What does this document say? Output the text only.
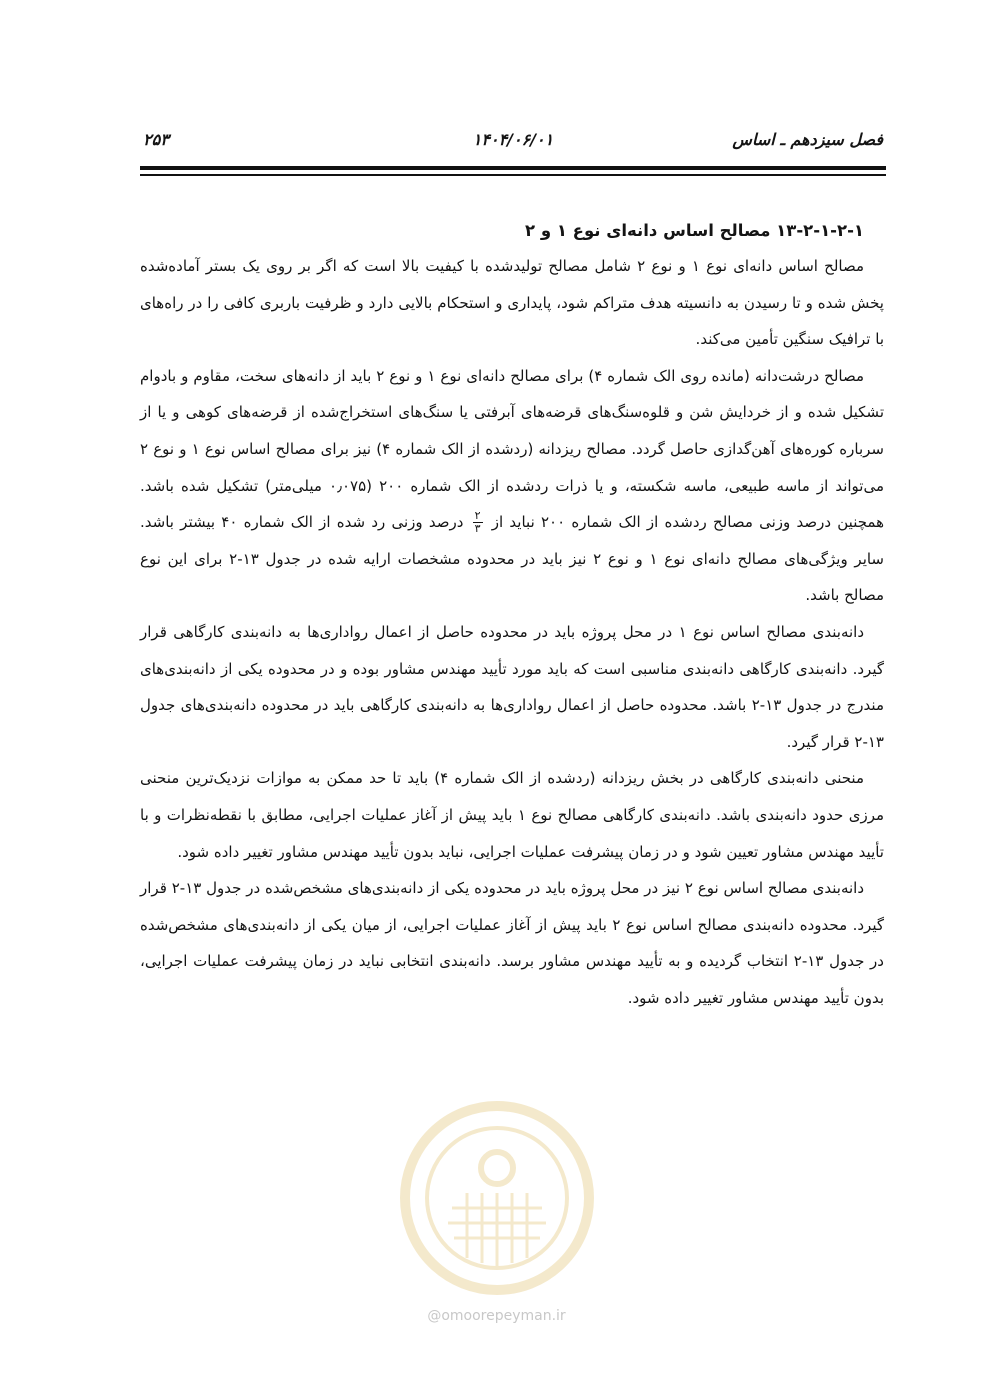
فصل سیزدهم ـ اساس
۱۴۰۴/۰۶/۰۱
۲۵۳

۱۳-۲-۱-۲-۱ مصالح اساس دانه‌ای نوع ۱ و ۲

مصالح اساس دانه‌ای نوع ۱ و نوع ۲ شامل مصالح تولیدشده با کیفیت بالا است که اگر بر روی یک بستر آماده‌شده پخش شده و تا رسیدن به دانسیته هدف متراکم شود، پایداری و استحکام بالایی دارد و ظرفیت باربری کافی را در راه‌های با ترافیک سنگین تأمین می‌کند.

مصالح درشت‌دانه (مانده روی الک شماره ۴) برای مصالح دانه‌ای نوع ۱ و نوع ۲ باید از دانه‌های سخت، مقاوم و بادوام تشکیل شده و از خردایش شن و قلوه‌سنگ‌های قرضه‌های آبرفتی یا سنگ‌های استخراج‌شده از قرضه‌های کوهی و یا از سرباره کوره‌های آهن‌گدازی حاصل گردد. مصالح ریزدانه (ردشده از الک شماره ۴) نیز برای مصالح اساس نوع ۱ و نوع ۲ می‌تواند از ماسه طبیعی، ماسه شکسته، و یا ذرات ردشده از الک شماره ۲۰۰ (۰٫۰۷۵ میلی‌متر) تشکیل شده باشد. همچنین درصد وزنی مصالح ردشده از الک شماره ۲۰۰ نباید از
$\frac{۲}{۳}$
درصد وزنی رد شده از الک شماره ۴۰ بیشتر باشد. سایر ویژگی‌های مصالح دانه‌ای نوع ۱ و نوع ۲ نیز باید در محدوده مشخصات ارایه شده در جدول ۱۳-۲ برای این نوع مصالح باشد.

دانه‌بندی مصالح اساس نوع ۱ در محل پروژه باید در محدوده حاصل از اعمال رواداری‌ها به دانه‌بندی کارگاهی قرار گیرد. دانه‌بندی کارگاهی دانه‌بندی مناسبی است که باید مورد تأیید مهندس مشاور بوده و در محدوده یکی از دانه‌بندی‌های مندرج در جدول ۱۳-۲ باشد. محدوده حاصل از اعمال رواداری‌ها به دانه‌بندی کارگاهی باید در محدوده دانه‌بندی‌های جدول ۱۳-۲ قرار گیرد.

منحنی دانه‌بندی کارگاهی در بخش ریزدانه (ردشده از الک شماره ۴) باید تا حد ممکن به موازات نزدیک‌ترین منحنی مرزی حدود دانه‌بندی باشد. دانه‌بندی کارگاهی مصالح نوع ۱ باید پیش از آغاز عملیات اجرایی، مطابق با نقطه‌نظرات و با تأیید مهندس مشاور تعیین شود و در زمان پیشرفت عملیات اجرایی، نباید بدون تأیید مهندس مشاور تغییر داده شود.

دانه‌بندی مصالح اساس نوع ۲ نیز در محل پروژه باید در محدوده یکی از دانه‌بندی‌های مشخص‌شده در جدول ۱۳-۲ قرار گیرد. محدوده دانه‌بندی مصالح اساس نوع ۲ باید پیش از آغاز عملیات اجرایی، از میان یکی از دانه‌بندی‌های مشخص‌شده در جدول ۱۳-۲ انتخاب گردیده و به تأیید مهندس مشاور برسد. دانه‌بندی انتخابی نباید در زمان پیشرفت عملیات اجرایی، بدون تأیید مهندس مشاور تغییر داده شود.

@omoorepeyman.ir
